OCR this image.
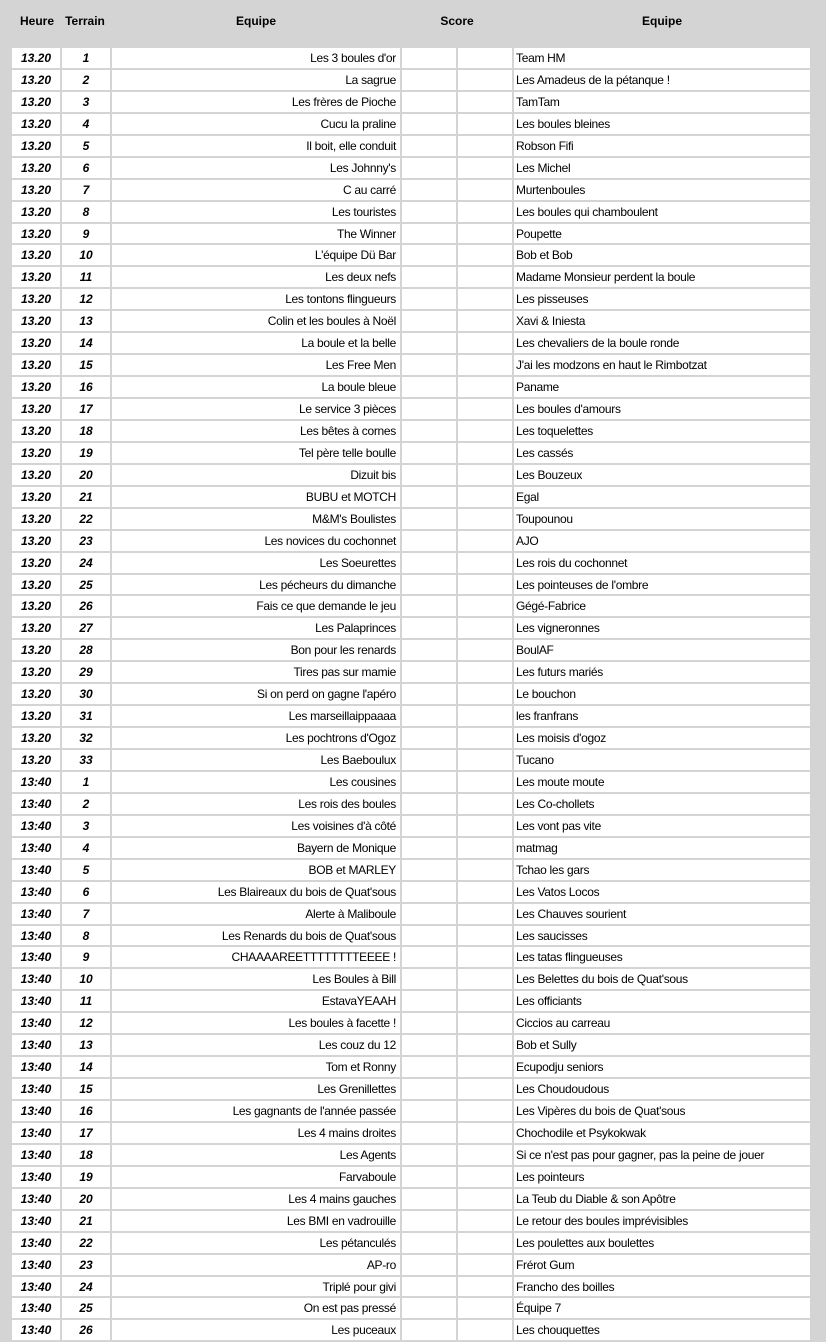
Heure Terrain	Equipe	Score	Equipe
13.20	1	Les 3 boules d'or	Team HM
13.20	2	La sagrue	Les Amadeus de la pétanque !
13.20	3	Les frères de Pioche	TamTam
13.20	4	Cucu la praline	Les boules bleines
13.20	5	Il boit, elle conduit	Robson Fifi
13.20	6	Les Johnny's	Les Michel
13.20	7	C au carré	Murtenboules
13.20	8	Les touristes	Les boules qui chamboulent
13.20	9	The Winner	Poupette
13.20	10	L'équipe Dü Bar	Bob et Bob
13.20	11	Les deux nefs	Madame Monsieur perdent la boule
13.20	12	Les tontons flingueurs	Les pisseuses
13.20	13	Colin et les boules à Noël	Xavi & Iniesta
13.20	14	La boule et la belle	Les chevaliers de la boule ronde
13.20	15	Les Free Men	J'ai les modzons en haut le Rimbotzat
13.20	16	La boule bleue	Paname
13.20	17	Le service 3 pièces	Les boules d'amours
13.20	18	Les bêtes à cornes	Les toquelettes
13.20	19	Tel père telle boulle	Les cassés
13.20	20	Dizuit bis	Les Bouzeux
13.20	21	BUBU et MOTCH	Egal
13.20	22	M&M's Boulistes	Toupounou
13.20	23	Les novices du cochonnet	AJO
13.20	24	Les Soeurettes	Les rois du cochonnet
13.20	25	Les pécheurs du dimanche	Les pointeuses de l'ombre
13.20	26	Fais ce que demande le jeu	Gégé-Fabrice
13.20	27	Les Palaprinces	Les vigneronnes
13.20	28	Bon pour les renards	BoulAF
13.20	29	Tires pas sur mamie	Les futurs mariés
13.20	30	Si on perd on gagne l'apéro	Le bouchon
13.20	31	Les marseillaippaaaa	les franfrans
13.20	32	Les pochtrons d'Ogoz	Les moisis d'ogoz
13.20	33	Les Baeboulux	Tucano
13:40	1	Les cousines	Les moute moute
13:40	2	Les rois des boules	Les Co-chollets
13:40	3	Les voisines d'à côté	Les vont pas vite
13:40	4	Bayern de Monique	matmag
13:40	5	BOB et MARLEY	Tchao les gars
13:40	6	Les Blaireaux du bois de Quat'sous	Les Vatos Locos
13:40	7	Alerte à Maliboule	Les Chauves sourient
13:40	8	Les Renards du bois de Quat'sous	Les saucisses
13:40	9	CHAAAAREETTTTTTTTEEEE !	Les tatas flingueuses
13:40	10	Les Boules à Bill	Les Belettes du bois de Quat'sous
13:40	11	EstavaYEAAH	Les officiants
13:40	12	Les boules à facette !	Ciccios au carreau
13:40	13	Les couz du 12	Bob et Sully
13:40	14	Tom et Ronny	Ecupodju seniors
13:40	15	Les Grenillettes	Les Choudoudous
13:40	16	Les gagnants de l'année passée	Les Vipères du bois de Quat'sous
13:40	17	Les 4 mains droites	Chochodile et Psykokwak
13:40	18	Les Agents	Si ce n'est pas pour gagner, pas la peine de jouer
13:40	19	Farvaboule	Les pointeurs
13:40	20	Les 4 mains gauches	La Teub du Diable & son Apôtre
13:40	21	Les BMI en vadrouille	Le retour des boules imprévisibles
13:40	22	Les pétanculés	Les poulettes aux boulettes
13:40	23	AP-ro	Frérot Gum
13:40	24	Triplé pour givi	Francho des boilles
13:40	25	On est pas pressé	Équipe 7
13:40	26	Les puceaux	Les chouquettes
